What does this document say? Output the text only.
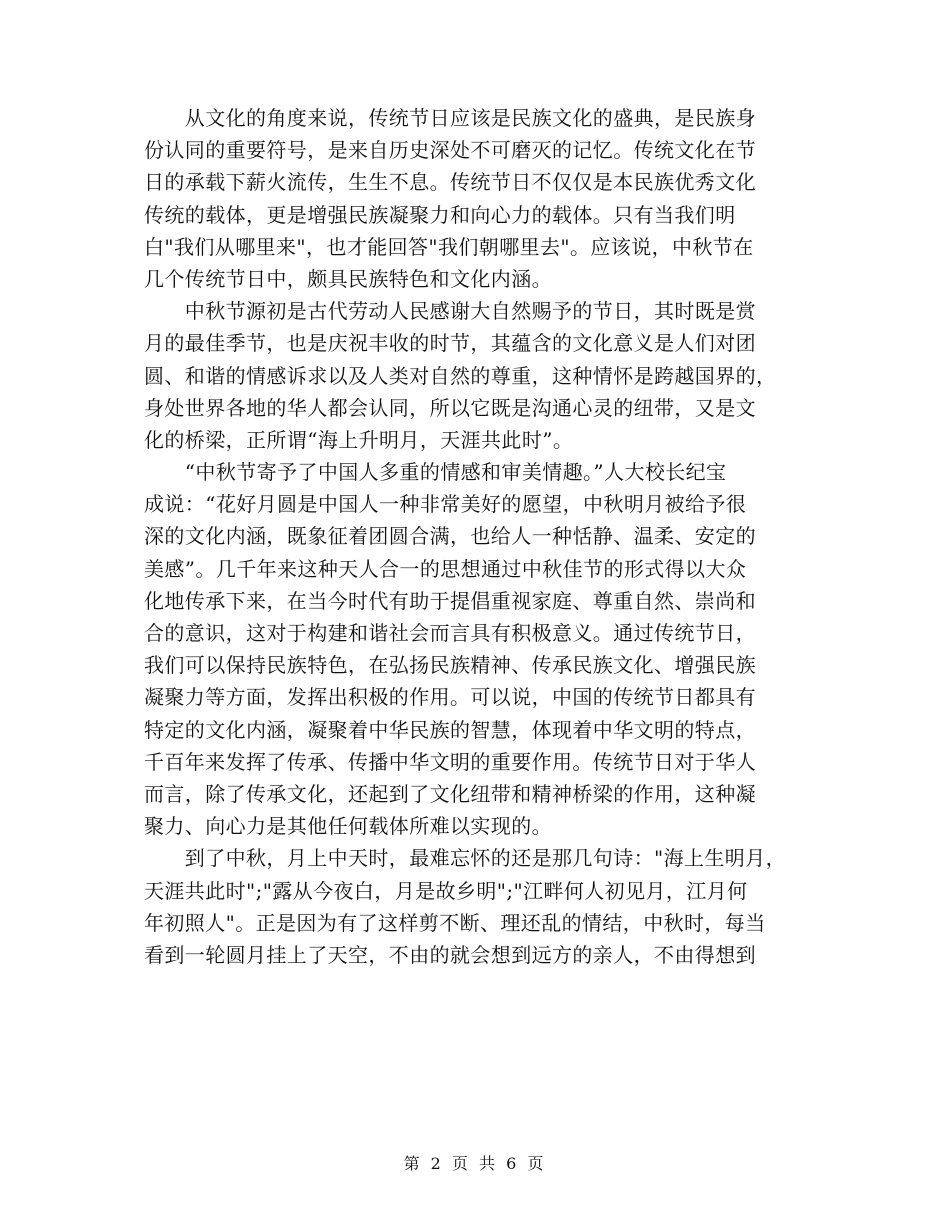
　　从文化的角度来说，传统节日应该是民族文化的盛典，是民族身
份认同的重要符号，是来自历史深处不可磨灭的记忆。传统文化在节
日的承载下薪火流传，生生不息。传统节日不仅仅是本民族优秀文化
传统的载体，更是增强民族凝聚力和向心力的载体。只有当我们明
白"我们从哪里来"，也才能回答"我们朝哪里去"。应该说，中秋节在
几个传统节日中，颇具民族特色和文化内涵。
　　中秋节源初是古代劳动人民感谢大自然赐予的节日，其时既是赏
月的最佳季节，也是庆祝丰收的时节，其蕴含的文化意义是人们对团
圆、和谐的情感诉求以及人类对自然的尊重，这种情怀是跨越国界的，
身处世界各地的华人都会认同，所以它既是沟通心灵的纽带，又是文
化的桥梁，正所谓“海上升明月，天涯共此时”。
　　“中秋节寄予了中国人多重的情感和审美情趣。”人大校长纪宝
成说：“花好月圆是中国人一种非常美好的愿望，中秋明月被给予很
深的文化内涵，既象征着团圆合满，也给人一种恬静、温柔、安定的
美感”。几千年来这种天人合一的思想通过中秋佳节的形式得以大众
化地传承下来，在当今时代有助于提倡重视家庭、尊重自然、崇尚和
合的意识，这对于构建和谐社会而言具有积极意义。通过传统节日，
我们可以保持民族特色，在弘扬民族精神、传承民族文化、增强民族
凝聚力等方面，发挥出积极的作用。可以说，中国的传统节日都具有
特定的文化内涵，凝聚着中华民族的智慧，体现着中华文明的特点，
千百年来发挥了传承、传播中华文明的重要作用。传统节日对于华人
而言，除了传承文化，还起到了文化纽带和精神桥梁的作用，这种凝
聚力、向心力是其他任何载体所难以实现的。
　　到了中秋，月上中天时，最难忘怀的还是那几句诗："海上生明月，
天涯共此时";"露从今夜白，月是故乡明";"江畔何人初见月，江月何
年初照人"。正是因为有了这样剪不断、理还乱的情结，中秋时，每当
看到一轮圆月挂上了天空，不由的就会想到远方的亲人，不由得想到
第 2 页 共 6 页
